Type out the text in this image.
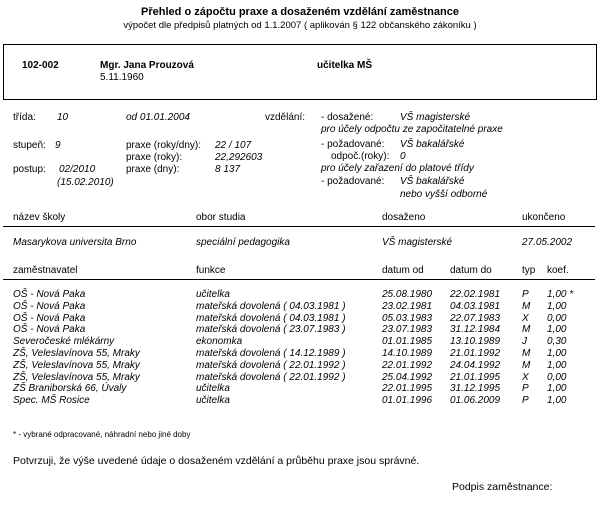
Přehled o zápočtu praxe a dosaženém vzdělání zaměstnance
výpočet dle předpisů platných od 1.1.2007 ( aplikován § 122 občanského zákoníku )
102-002	Mgr. Jana Prouzová
5.11.1960
učitelka MŠ
třída: 10	od 01.01.2004
stupeň: 9
postup: 02/2010
(15.02.2010)
praxe (roky/dny): 22 / 107
praxe (roky):	22,292603
praxe (dny):	8 137
vzdělání: - dosažené:	VŠ magisterské
pro účely odpočtu ze započitatelné praxe
- požadované: VŠ bakalářské
odpoč.(roky): 0
pro účely zařazení do platové třídy
- požadované: VŠ bakalářské
nebo vyšší odborné
název školy	obor studia	dosaženo	ukončeno
Masarykova universita Brno	speciální pedagogika	VŠ magisterské	27.05.2002
zaměstnavatel	funkce	datum od	datum do	typ koef.
OŠ - Nová Paka	učitelka	25.08.1980 22.02.1981 P 1,00 *
OŠ - Nová Paka	mateřská dovolená ( 04.03.1981 )	23.02.1981 04.03.1981 M 1,00
OŠ - Nová Paka	mateřská dovolená ( 04.03.1981 )	05.03.1983 22.07.1983 X 0,00
OŠ - Nová Paka	mateřská dovolená ( 23.07.1983 )	23.07.1983 31.12.1984 M 1,00
Severočeské mlékárny	ekonomka	01.01.1985 13.10.1989 J 0,30
ZŠ, Veleslavínova 55, Mraky	mateřská dovolená ( 14.12.1989 )	14.10.1989 21.01.1992 M 1,00
ZŠ, Veleslavínova 55, Mraky	mateřská dovolená ( 22.01.1992 )	22.01.1992 24.04.1992 M 1,00
ZŠ, Veleslavínova 55, Mraky	mateřská dovolená ( 22.01.1992 )	25.04.1992 21.01.1995 X 0,00
ZŠ Braniborská 66, Úvaly	učitelka	22.01.1995 31.12.1995 P 1,00
Spec. MŠ Rosice	učitelka	01.01.1996 01.06.2009 P 1,00
* - vybrané odpracované, náhradní nebo jiné doby
Potvrzuji, že výše uvedené údaje o dosaženém vzdělání a průběhu praxe jsou správné.
Podpis zaměstnance:
